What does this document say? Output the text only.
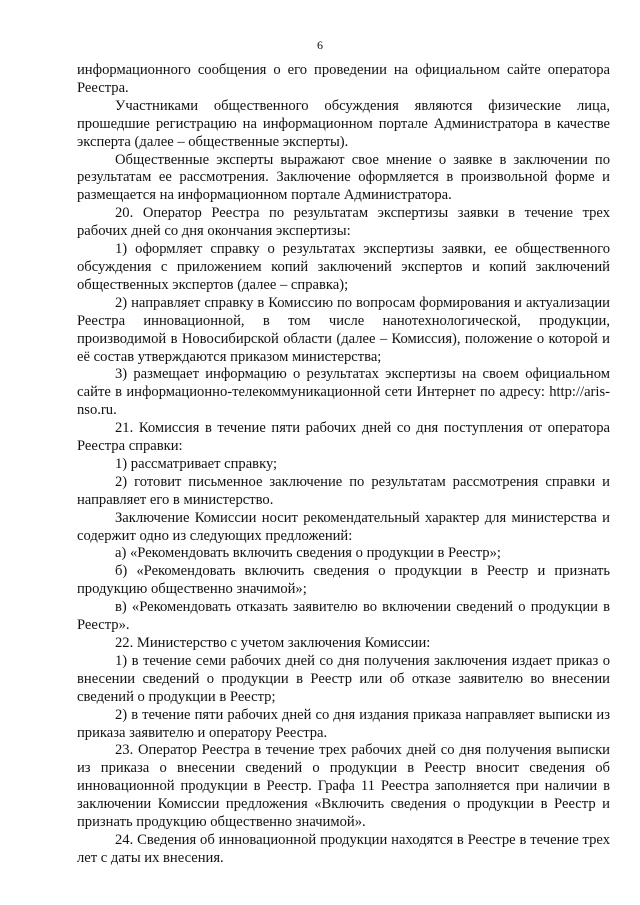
6

информационного сообщения о его проведении на официальном сайте оператора Реестра.

Участниками общественного обсуждения являются физические лица, прошедшие регистрацию на информационном портале Администратора в качестве эксперта (далее – общественные эксперты).

Общественные эксперты выражают свое мнение о заявке в заключении по результатам ее рассмотрения. Заключение оформляется в произвольной форме и размещается на информационном портале Администратора.

20. Оператор Реестра по результатам экспертизы заявки в течение трех рабочих дней со дня окончания экспертизы:

1) оформляет справку о результатах экспертизы заявки, ее общественного обсуждения с приложением копий заключений экспертов и копий заключений общественных экспертов (далее – справка);

2) направляет справку в Комиссию по вопросам формирования и актуализации Реестра инновационной, в том числе нанотехнологической, продукции, производимой в Новосибирской области (далее – Комиссия), положение о которой и её состав утверждаются приказом министерства;

3) размещает информацию о результатах экспертизы на своем официальном сайте в информационно-телекоммуникационной сети Интернет по адресу: http://aris-nso.ru.

21. Комиссия в течение пяти рабочих дней со дня поступления от оператора Реестра справки:

1) рассматривает справку;

2) готовит письменное заключение по результатам рассмотрения справки и направляет его в министерство.

Заключение Комиссии носит рекомендательный характер для министерства и содержит одно из следующих предложений:

а) «Рекомендовать включить сведения о продукции в Реестр»;

б) «Рекомендовать включить сведения о продукции в Реестр и признать продукцию общественно значимой»;

в) «Рекомендовать отказать заявителю во включении сведений о продукции в Реестр».

22. Министерство с учетом заключения Комиссии:

1) в течение семи рабочих дней со дня получения заключения издает приказ о внесении сведений о продукции в Реестр или об отказе заявителю во внесении сведений о продукции в Реестр;

2) в течение пяти рабочих дней со дня издания приказа направляет выписки из приказа заявителю и оператору Реестра.

23. Оператор Реестра в течение трех рабочих дней со дня получения выписки из приказа о внесении сведений о продукции в Реестр вносит сведения об инновационной продукции в Реестр. Графа 11 Реестра заполняется при наличии в заключении Комиссии предложения «Включить сведения о продукции в Реестр и признать продукцию общественно значимой».

24. Сведения об инновационной продукции находятся в Реестре в течение трех лет с даты их внесения.
